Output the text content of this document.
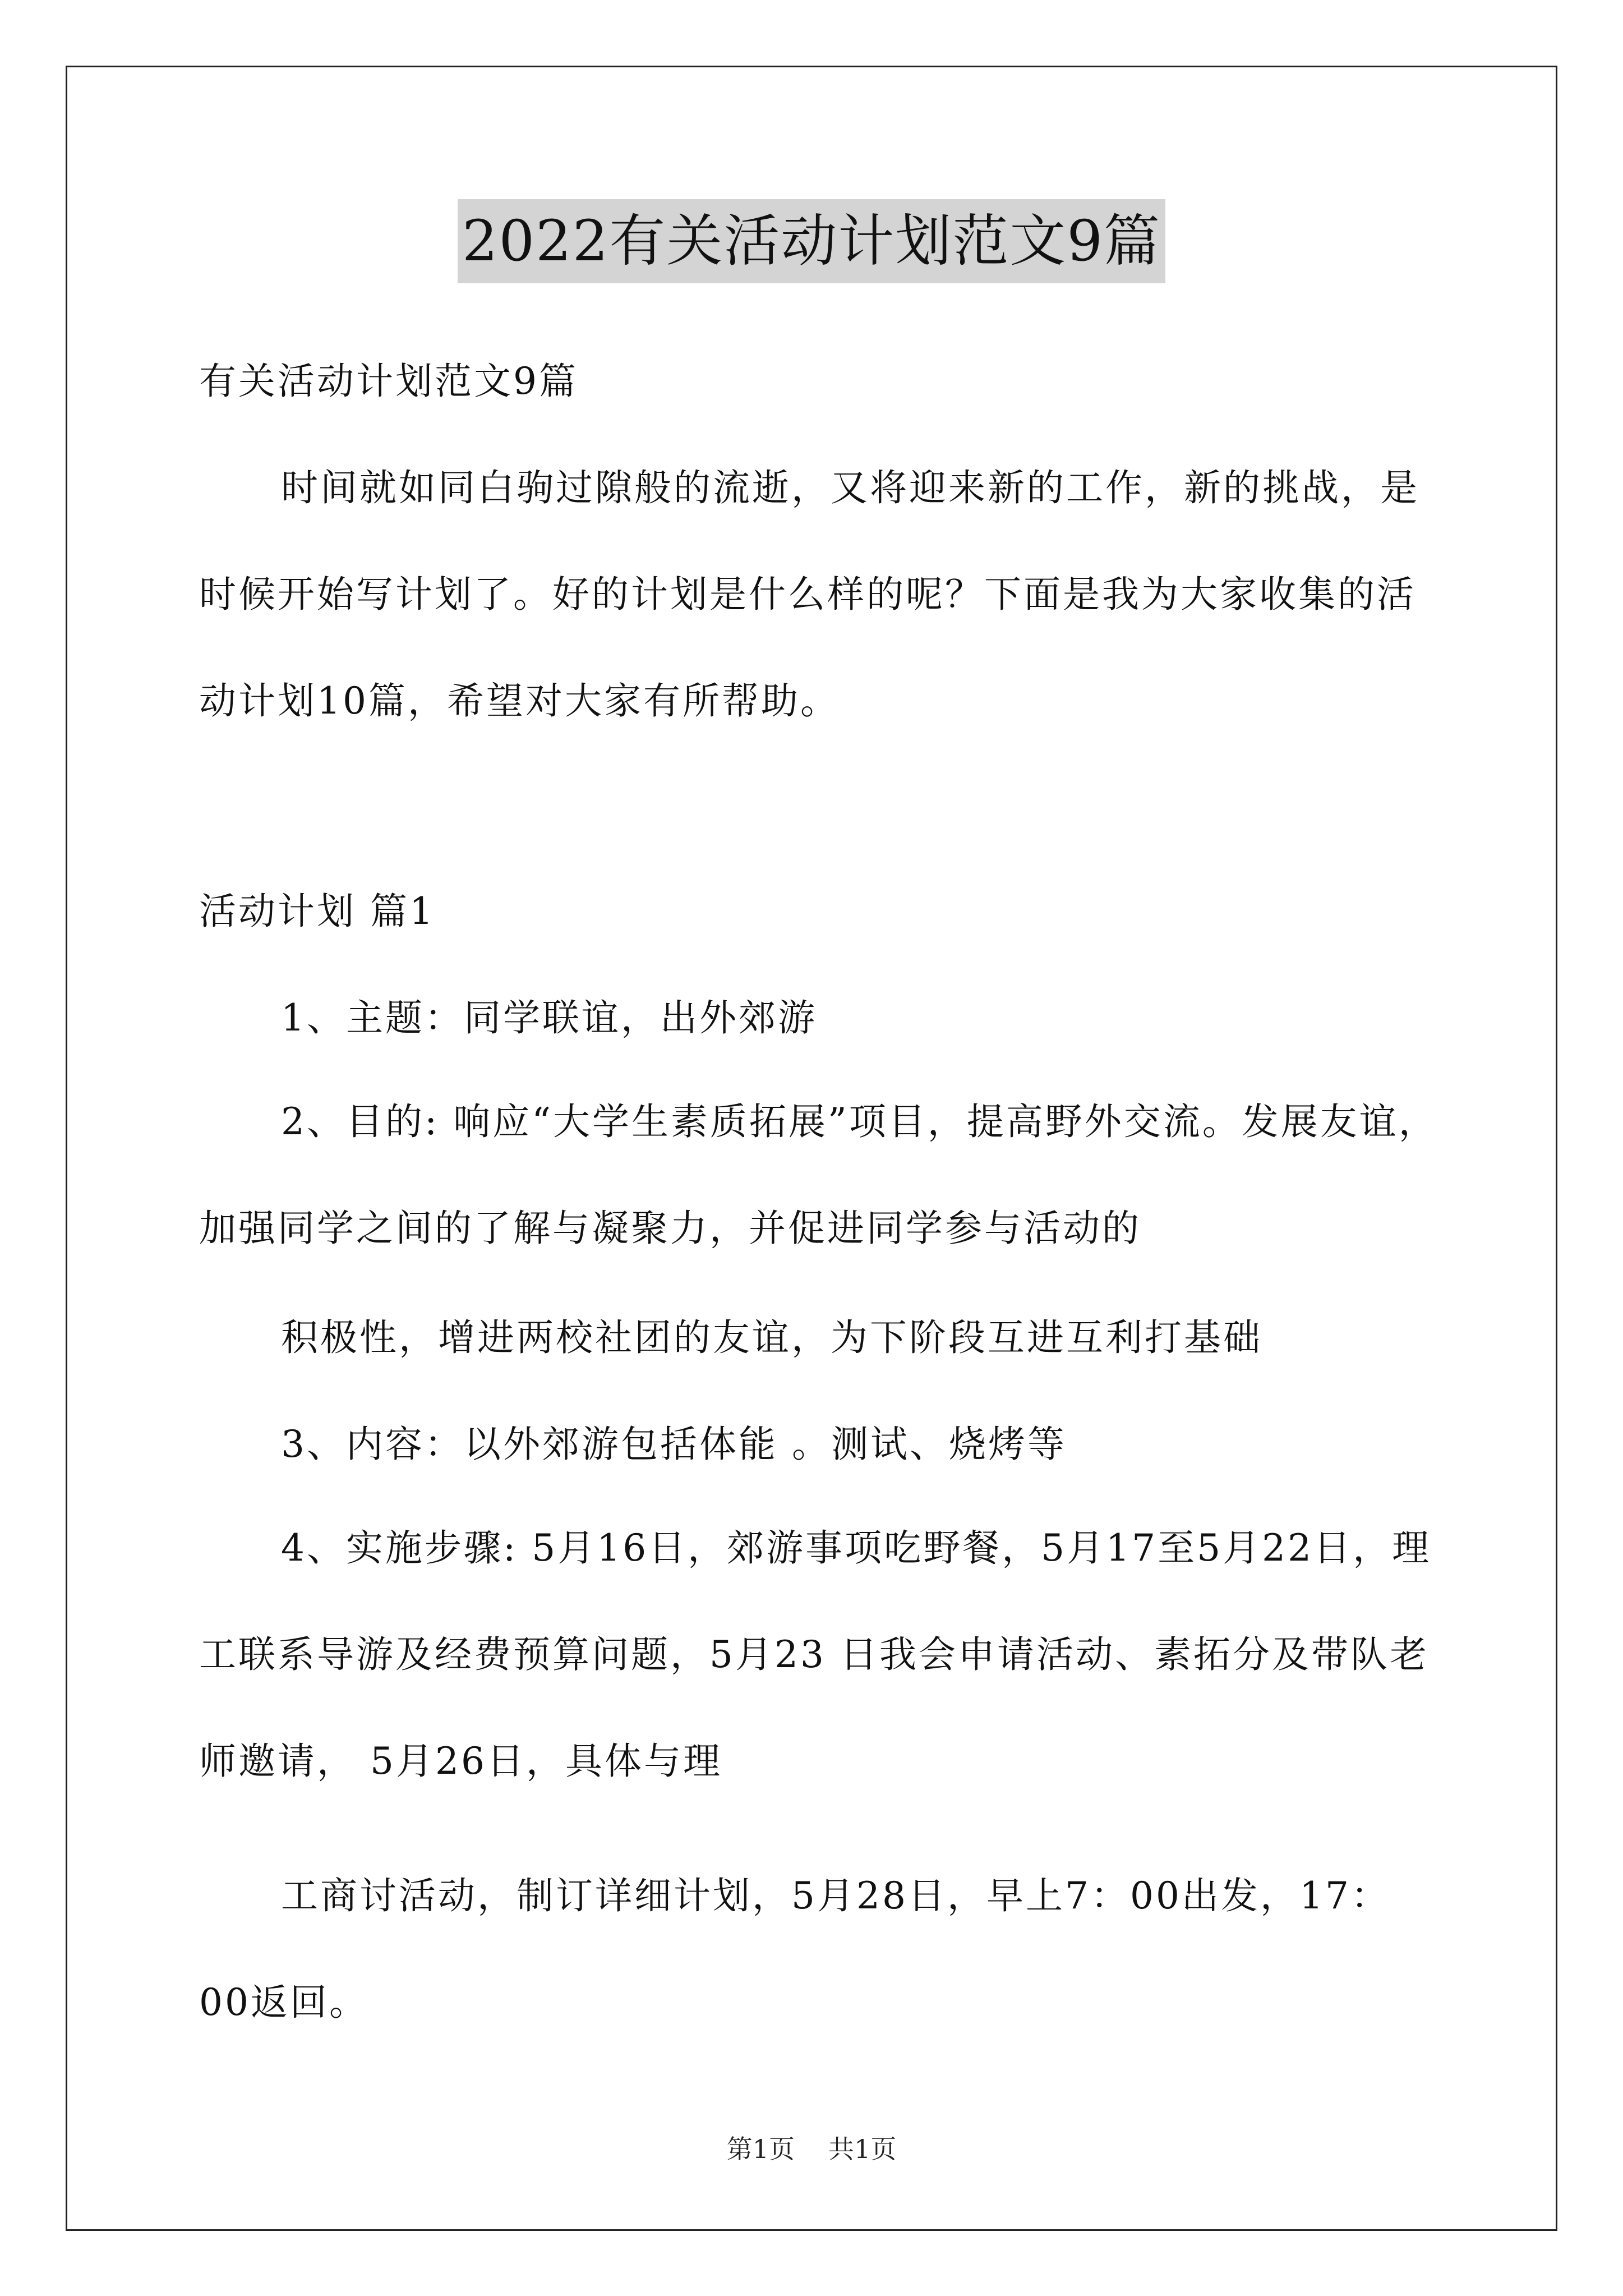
2022有关活动计划范文9篇

有关活动计划范文9篇

时间就如同白驹过隙般的流逝，又将迎来新的工作，新的挑战，是时候开始写计划了。好的计划是什么样的呢？下面是我为大家收集的活动计划10篇，希望对大家有所帮助。

活动计划 篇1

1、主题：同学联谊，出外郊游

2、目的: 响应“大学生素质拓展”项目，提高野外交流。发展友谊，加强同学之间的了解与凝聚力，并促进同学参与活动的

积极性，增进两校社团的友谊，为下阶段互进互利打基础

3、内容：以外郊游包括体能 。测试、烧烤等

4、实施步骤: 5月16日，郊游事项吃野餐，5月17至5月22日，理工联系导游及经费预算问题，5月23 日我会申请活动、素拓分及带队老师邀请， 5月26日，具体与理

工商讨活动，制订详细计划，5月28日，早上7：00出发，17：00返回。

第1页 共1页
